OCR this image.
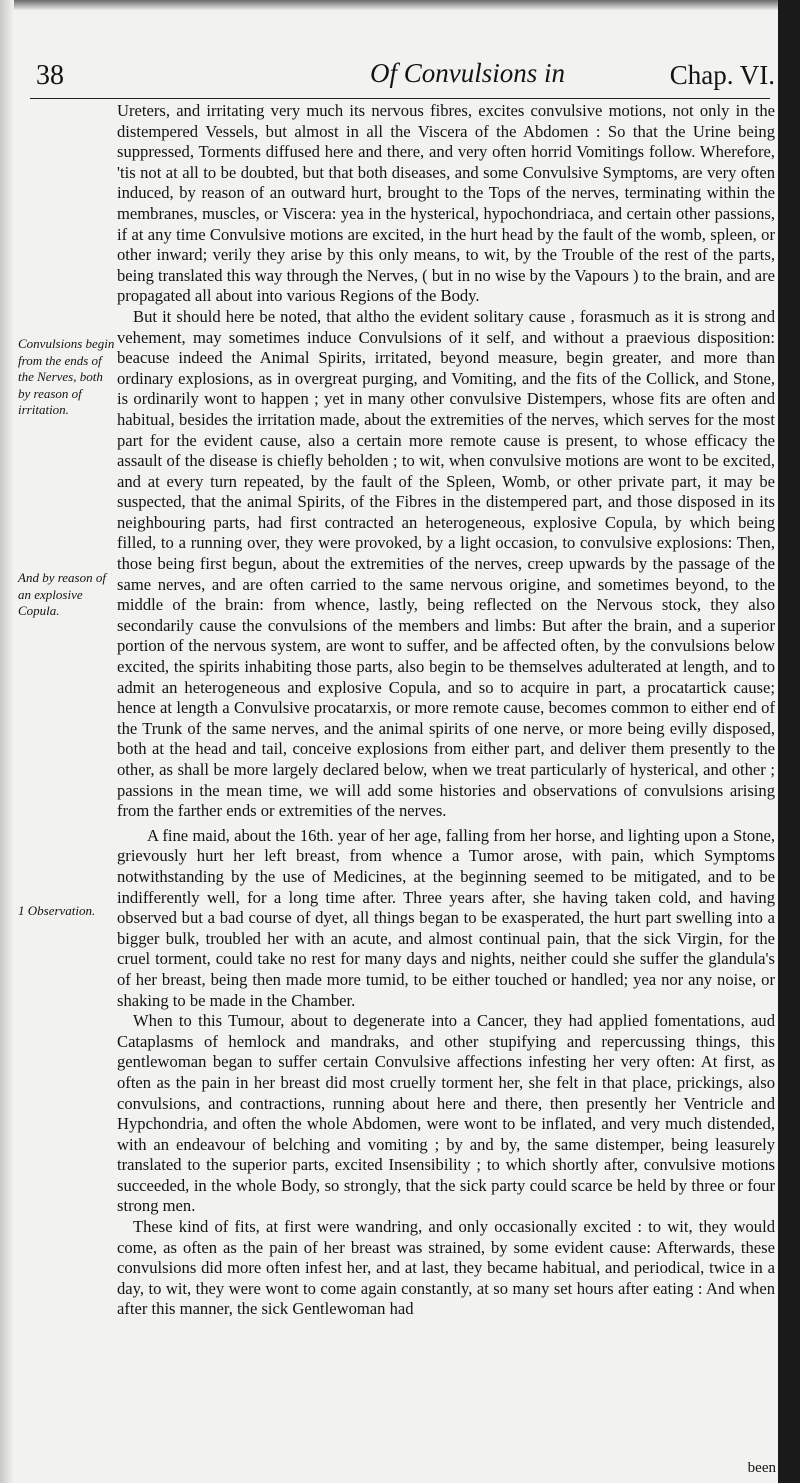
38	Of Convulsions in	Chap. VI.
Convulsions begin from the ends of the Nerves, both by reason of irritation.
And by reason of an explosive Copula.
1 Observation.

Ureters, and irritating very much its nervous fibres, excites convulsive motions, not only in the distempered Vessels, but almost in all the Viscera of the Abdomen : So that the Urine being suppressed, Torments diffused here and there, and very often horrid Vomitings follow. Wherefore, 'tis not at all to be doubted, but that both diseases, and some Convulsive Symptoms, are very often induced, by reason of an outward hurt, brought to the Tops of the nerves, terminating within the membranes, muscles, or Viscera: yea in the hysterical, hypochondriaca, and certain other passions, if at any time Convulsive motions are excited, in the hurt head by the fault of the womb, spleen, or other inward; verily they arise by this only means, to wit, by the Trouble of the rest of the parts, being translated this way through the Nerves, ( but in no wise by the Vapours ) to the brain, and are propagated all about into various Regions of the Body.

But it should here be noted, that altho the evident solitary cause , forasmuch as it is strong and vehement, may sometimes induce Convulsions of it self, and without a praevious disposition: beacuse indeed the Animal Spirits, irritated, beyond measure, begin greater, and more than ordinary explosions, as in overgreat purging, and Vomiting, and the fits of the Collick, and Stone, is ordinarily wont to happen ; yet in many other convulsive Distempers, whose fits are often and habitual, besides the irritation made, about the extremities of the nerves, which serves for the most part for the evident cause, also a certain more remote cause is present, to whose efficacy the assault of the disease is chiefly beholden ; to wit, when convulsive motions are wont to be excited, and at every turn repeated, by the fault of the Spleen, Womb, or other private part, it may be suspected, that the animal Spirits, of the Fibres in the distempered part, and those disposed in its neighbouring parts, had first contracted an heterogeneous, explosive Copula, by which being filled, to a running over, they were provoked, by a light occasion, to convulsive explosions: Then, those being first begun, about the extremities of the nerves, creep upwards by the passage of the same nerves, and are often carried to the same nervous origine, and sometimes beyond, to the middle of the brain: from whence, lastly, being reflected on the Nervous stock, they also secondarily cause the convulsions of the members and limbs: But after the brain, and a superior portion of the nervous system, are wont to suffer, and be affected often, by the convulsions below excited, the spirits inhabiting those parts, also begin to be themselves adulterated at length, and to admit an heterogeneous and explosive Copula, and so to acquire in part, a procatartick cause; hence at length a Convulsive procatarxis, or more remote cause, becomes common to either end of the Trunk of the same nerves, and the animal spirits of one nerve, or more being evilly disposed, both at the head and tail, conceive explosions from either part, and deliver them presently to the other, as shall be more largely declared below, when we treat particularly of hysterical, and other ; passions in the mean time, we will add some histories and observations of convulsions arising from the farther ends or extremities of the nerves.

A fine maid, about the 16th. year of her age, falling from her horse, and lighting upon a Stone, grievously hurt her left breast, from whence a Tumor arose, with pain, which Symptoms notwithstanding by the use of Medicines, at the beginning seemed to be mitigated, and to be indifferently well, for a long time after. Three years after, she having taken cold, and having observed but a bad course of dyet, all things began to be exasperated, the hurt part swelling into a bigger bulk, troubled her with an acute, and almost continual pain, that the sick Virgin, for the cruel torment, could take no rest for many days and nights, neither could she suffer the glandula's of her breast, being then made more tumid, to be either touched or handled; yea nor any noise, or shaking to be made in the Chamber.

When to this Tumour, about to degenerate into a Cancer, they had applied fomentations, aud Cataplasms of hemlock and mandraks, and other stupifying and repercussing things, this gentlewoman began to suffer certain Convulsive affections infesting her very often: At first, as often as the pain in her breast did most cruelly torment her, she felt in that place, prickings, also convulsions, and contractions, running about here and there, then presently her Ventricle and Hypchondria, and often the whole Abdomen, were wont to be inflated, and very much distended, with an endeavour of belching and vomiting ; by and by, the same distemper, being leasurely translated to the superior parts, excited Insensibility ; to which shortly after, convulsive motions succeeded, in the whole Body, so strongly, that the sick party could scarce be held by three or four strong men.

These kind of fits, at first were wandring, and only occasionally excited : to wit, they would come, as often as the pain of her breast was strained, by some evident cause: Afterwards, these convulsions did more often infest her, and at last, they became habitual, and periodical, twice in a day, to wit, they were wont to come again constantly, at so many set hours after eating : And when after this manner, the sick Gentlewoman had

been
